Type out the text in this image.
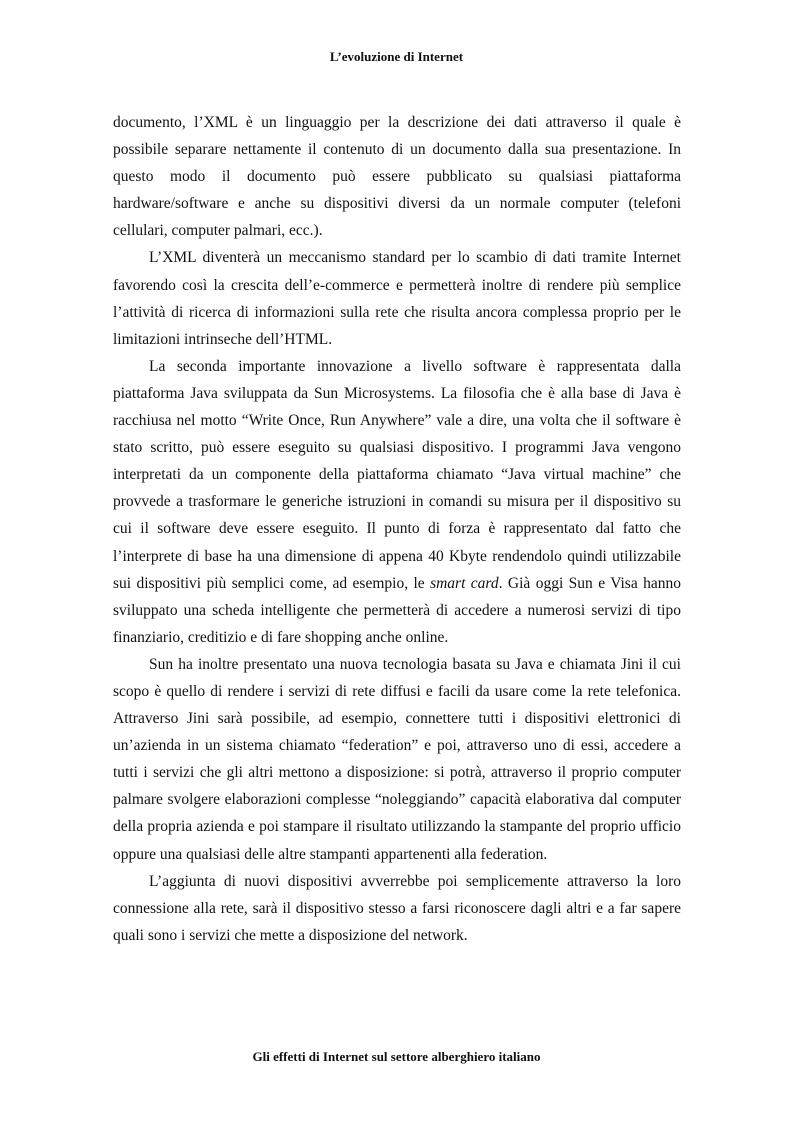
L’evoluzione di Internet

documento, l’XML è un linguaggio per la descrizione dei dati attraverso il quale è possibile separare nettamente il contenuto di un documento dalla sua presentazione. In questo modo il documento può essere pubblicato su qualsiasi piattaforma hardware/software e anche su dispositivi diversi da un normale computer (telefoni cellulari, computer palmari, ecc.).

L’XML diventerà un meccanismo standard per lo scambio di dati tramite Internet favorendo così la crescita dell’e-commerce e permetterà inoltre di rendere più semplice l’attività di ricerca di informazioni sulla rete che risulta ancora complessa proprio per le limitazioni intrinseche dell’HTML.

La seconda importante innovazione a livello software è rappresentata dalla piattaforma Java sviluppata da Sun Microsystems. La filosofia che è alla base di Java è racchiusa nel motto “Write Once, Run Anywhere” vale a dire, una volta che il software è stato scritto, può essere eseguito su qualsiasi dispositivo. I programmi Java vengono interpretati da un componente della piattaforma chiamato “Java virtual machine” che provvede a trasformare le generiche istruzioni in comandi su misura per il dispositivo su cui il software deve essere eseguito. Il punto di forza è rappresentato dal fatto che l’interprete di base ha una dimensione di appena 40 Kbyte rendendolo quindi utilizzabile sui dispositivi più semplici come, ad esempio, le smart card. Già oggi Sun e Visa hanno sviluppato una scheda intelligente che permetterà di accedere a numerosi servizi di tipo finanziario, creditizio e di fare shopping anche online.

Sun ha inoltre presentato una nuova tecnologia basata su Java e chiamata Jini il cui scopo è quello di rendere i servizi di rete diffusi e facili da usare come la rete telefonica. Attraverso Jini sarà possibile, ad esempio, connettere tutti i dispositivi elettronici di un’azienda in un sistema chiamato “federation” e poi, attraverso uno di essi, accedere a tutti i servizi che gli altri mettono a disposizione: si potrà, attraverso il proprio computer palmare svolgere elaborazioni complesse “noleggiando” capacità elaborativa dal computer della propria azienda e poi stampare il risultato utilizzando la stampante del proprio ufficio oppure una qualsiasi delle altre stampanti appartenenti alla federation.

L’aggiunta di nuovi dispositivi avverrebbe poi semplicemente attraverso la loro connessione alla rete, sarà il dispositivo stesso a farsi riconoscere dagli altri e a far sapere quali sono i servizi che mette a disposizione del network.

Gli effetti di Internet sul settore alberghiero italiano
